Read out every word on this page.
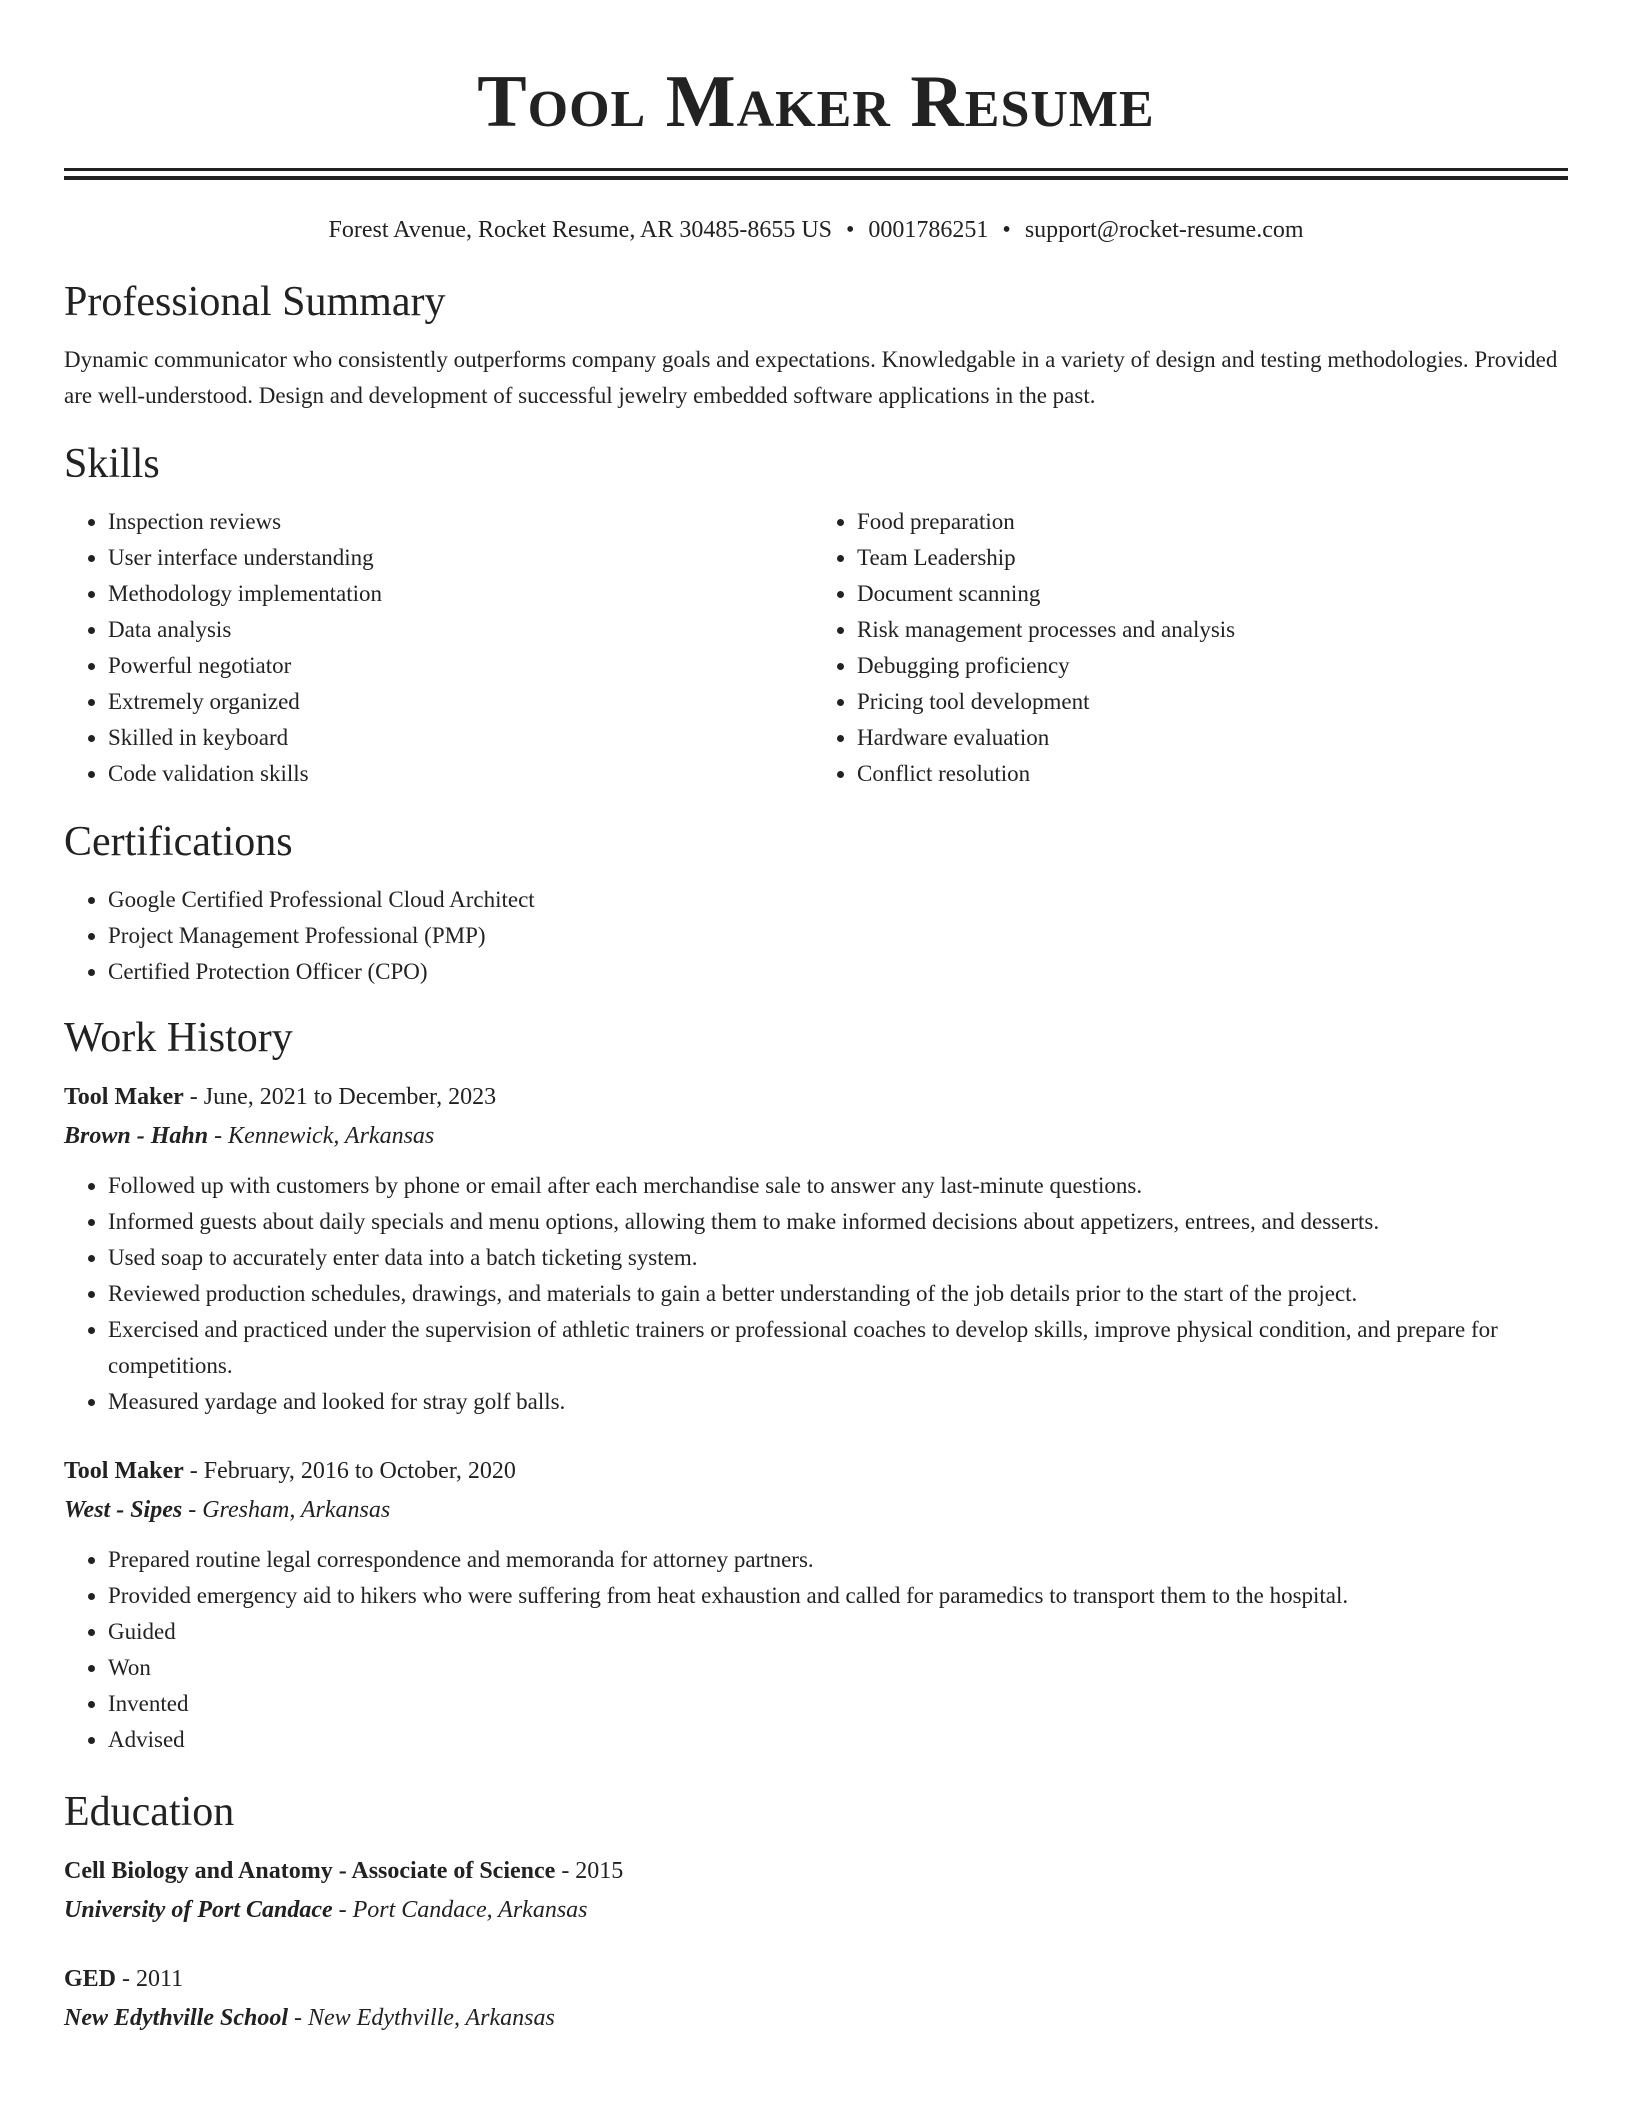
Tool Maker Resume
Forest Avenue, Rocket Resume, AR 30485-8655 US • 0001786251 • support@rocket-resume.com
Professional Summary

Dynamic communicator who consistently outperforms company goals and expectations. Knowledgable in a variety of design and testing methodologies. Provided are well-understood. Design and development of successful jewelry embedded software applications in the past.

Skills
• Inspection reviews
• User interface understanding
• Methodology implementation
• Data analysis
• Powerful negotiator
• Extremely organized
• Skilled in keyboard
• Code validation skills
• Food preparation
• Team Leadership
• Document scanning
• Risk management processes and analysis
• Debugging proficiency
• Pricing tool development
• Hardware evaluation
• Conflict resolution
Certifications
• Google Certified Professional Cloud Architect
• Project Management Professional (PMP)
• Certified Protection Officer (CPO)
Work History
Tool Maker - June, 2021 to December, 2023
Brown - Hahn - Kennewick, Arkansas
• Followed up with customers by phone or email after each merchandise sale to answer any last-minute questions.
• Informed guests about daily specials and menu options, allowing them to make informed decisions about appetizers, entrees, and desserts.
• Used soap to accurately enter data into a batch ticketing system.
• Reviewed production schedules, drawings, and materials to gain a better understanding of the job details prior to the start of the project.
• Exercised and practiced under the supervision of athletic trainers or professional coaches to develop skills, improve physical condition, and prepare for competitions.
• Measured yardage and looked for stray golf balls.
Tool Maker - February, 2016 to October, 2020
West - Sipes - Gresham, Arkansas
• Prepared routine legal correspondence and memoranda for attorney partners.
• Provided emergency aid to hikers who were suffering from heat exhaustion and called for paramedics to transport them to the hospital.
• Guided
• Won
• Invented
• Advised
Education
Cell Biology and Anatomy - Associate of Science - 2015
University of Port Candace - Port Candace, Arkansas
GED - 2011
New Edythville School - New Edythville, Arkansas
